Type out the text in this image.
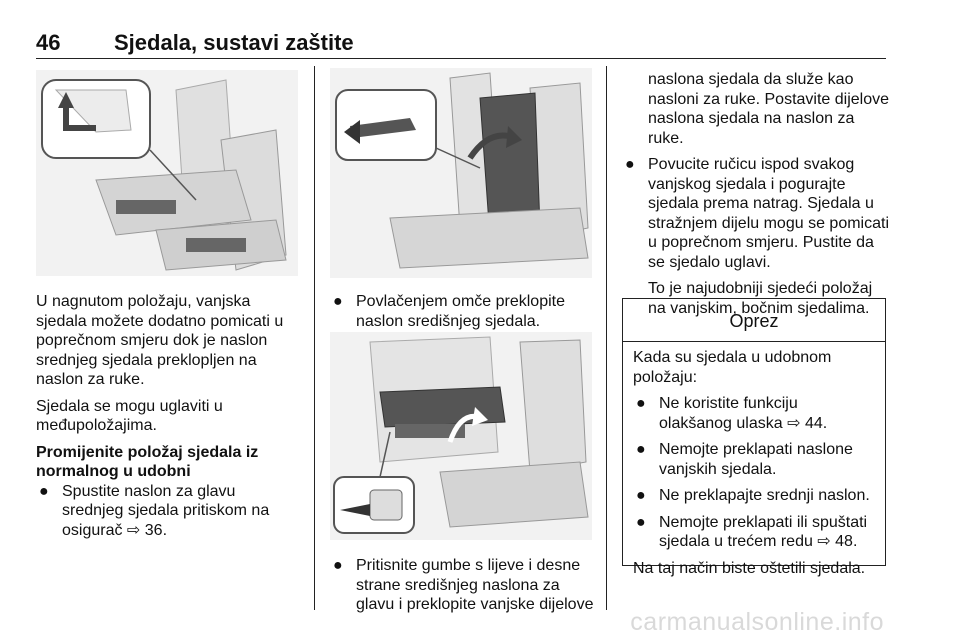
46 Sjedala, sustavi zaštite

U nagnutom položaju, vanjska sjedala možete dodatno pomicati u poprečnom smjeru dok je naslon srednjeg sjedala preklopljen na naslon za ruke.

Sjedala se mogu uglaviti u međupoložajima.

Promijenite položaj sjedala iz normalnog u udobni
● Spustite naslon za glavu srednjeg sjedala pritiskom na osigurač ⇨ 36.
● Povlačenjem omče preklopite naslon središnjeg sjedala.
● Pritisnite gumbe s lijeve i desne strane središnjeg naslona za glavu i preklopite vanjske dijelove

naslona sjedala da služe kao nasloni za ruke. Postavite dijelove naslona sjedala na naslon za ruke.

● Povucite ručicu ispod svakog vanjskog sjedala i pogurajte sjedala prema natrag. Sjedala u stražnjem dijelu mogu se pomicati u poprečnom smjeru. Pustite da se sjedalo uglavi.

To je najudobniji sjedeći položaj na vanjskim, bočnim sjedalima.

Oprez

Kada su sjedala u udobnom položaju:

● Ne koristite funkciju olakšanog ulaska ⇨ 44.
● Nemojte preklapati naslone vanjskih sjedala.
● Ne preklapajte srednji naslon.
● Nemojte preklapati ili spuštati sjedala u trećem redu ⇨ 48.

Na taj način biste oštetili sjedala.

carmanualsonline.info
